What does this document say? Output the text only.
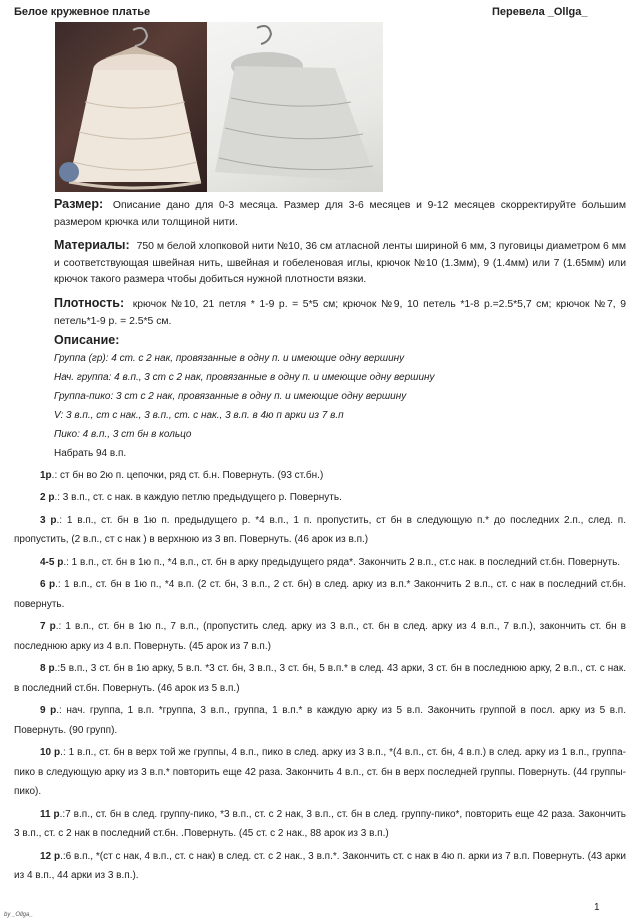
Белое кружевное платье	Перевела _Ollga_

Размер: Описание дано для 0-3 месяца. Размер для 3-6 месяцев и 9-12 месяцев скорректируйте большим размером крючка или толщиной нити.

Материалы: 750 м белой хлопковой нити №10, 36 см атласной ленты шириной 6 мм, 3 пуговицы диаметром 6 мм и соответствующая швейная нить, швейная и гобеленовая иглы, крючок №10 (1.3мм), 9 (1.4мм) или 7 (1.65мм) или крючок такого размера чтобы добиться нужной плотности вязки.

Плотность: крючок №10, 21 петля * 1-9 р. = 5*5 см; крючок №9, 10 петель *1-8 р.=2.5*5,7 см; крючок №7, 9 петель*1-9 р. = 2.5*5 см.

Описание:
Группа (гр): 4 ст. с 2 нак, провязанные в одну п. и имеющие одну вершину
Нач. группа: 4 в.п., 3 ст с 2 нак, провязанные в одну п. и имеющие одну вершину
Группа-пико: 3 ст с 2 нак, провязанные в одну п. и имеющие одну вершину
V: 3 в.п., ст с нак., 3 в.п., ст. с нак., 3 в.п. в 4ю п арки из 7 в.п
Пико: 4 в.п., 3 ст бн в кольцо
Набрать 94 в.п.

1р.: ст бн во 2ю п. цепочки, ряд ст. б.н. Повернуть. (93 ст.бн.)

2 р.: 3 в.п., ст. с нак. в каждую петлю предыдущего р. Повернуть.

3 р.: 1 в.п., ст. бн в 1ю п. предыдущего р. *4 в.п., 1 п. пропустить, ст бн в следующую п.* до последних 2.п., след. п. пропустить, (2 в.п., ст с нак ) в верхнюю из 3 вп. Повернуть. (46 арок из в.п.)

4-5 р.: 1 в.п., ст. бн в 1ю п., *4 в.п., ст. бн в арку предыдущего ряда*. Закончить 2 в.п., ст.с нак. в последний ст.бн. Повернуть.

6 р.: 1 в.п., ст. бн в 1ю п., *4 в.п. (2 ст. бн, 3 в.п., 2 ст. бн) в след. арку из в.п.* Закончить 2 в.п., ст. с нак в последний ст.бн. повернуть.

7 р.: 1 в.п., ст. бн в 1ю п., 7 в.п., (пропустить след. арку из 3 в.п., ст. бн в след. арку из 4 в.п., 7 в.п.), закончить ст. бн в последнюю арку из 4 в.п. Повернуть. (45 арок из 7 в.п.)

8 р.:5 в.п., 3 ст. бн в 1ю арку, 5 в.п. *3 ст. бн, 3 в.п., 3 ст. бн, 5 в.п.* в след. 43 арки, 3 ст. бн в последнюю арку, 2 в.п., ст. с нак. в последний ст.бн. Повернуть. (46 арок из 5 в.п.)

9 р.: нач. группа, 1 в.п. *группа, 3 в.п., группа, 1 в.п.* в каждую арку из 5 в.п. Закончить группой в посл. арку из 5 в.п. Повернуть. (90 групп).

10 р.: 1 в.п., ст. бн в верх той же группы, 4 в.п., пико в след. арку из 3 в.п., *(4 в.п., ст. бн, 4 в.п.) в след. арку из 1 в.п., группа-пико в следующую арку из 3 в.п.* повторить еще 42 раза. Закончить 4 в.п., ст. бн в верх последней группы. Повернуть. (44 группы-пико).

11 р.:7 в.п., ст. бн в след. группу-пико, *3 в.п., ст. с 2 нак, 3 в.п., ст. бн в след. группу-пико*, повторить еще 42 раза. Закончить 3 в.п., ст. с 2 нак в последний ст.бн. .Повернуть. (45 ст. с 2 нак., 88 арок из 3 в.п.)

12 р.:6 в.п., *(ст с нак, 4 в.п., ст. с нак) в след. ст. с 2 нак., 3 в.п.*. Закончить ст. с нак в 4ю п. арки из 7 в.п. Повернуть. (43 арки из 4 в.п., 44 арки из 3 в.п.).

by _Ollga_
1
